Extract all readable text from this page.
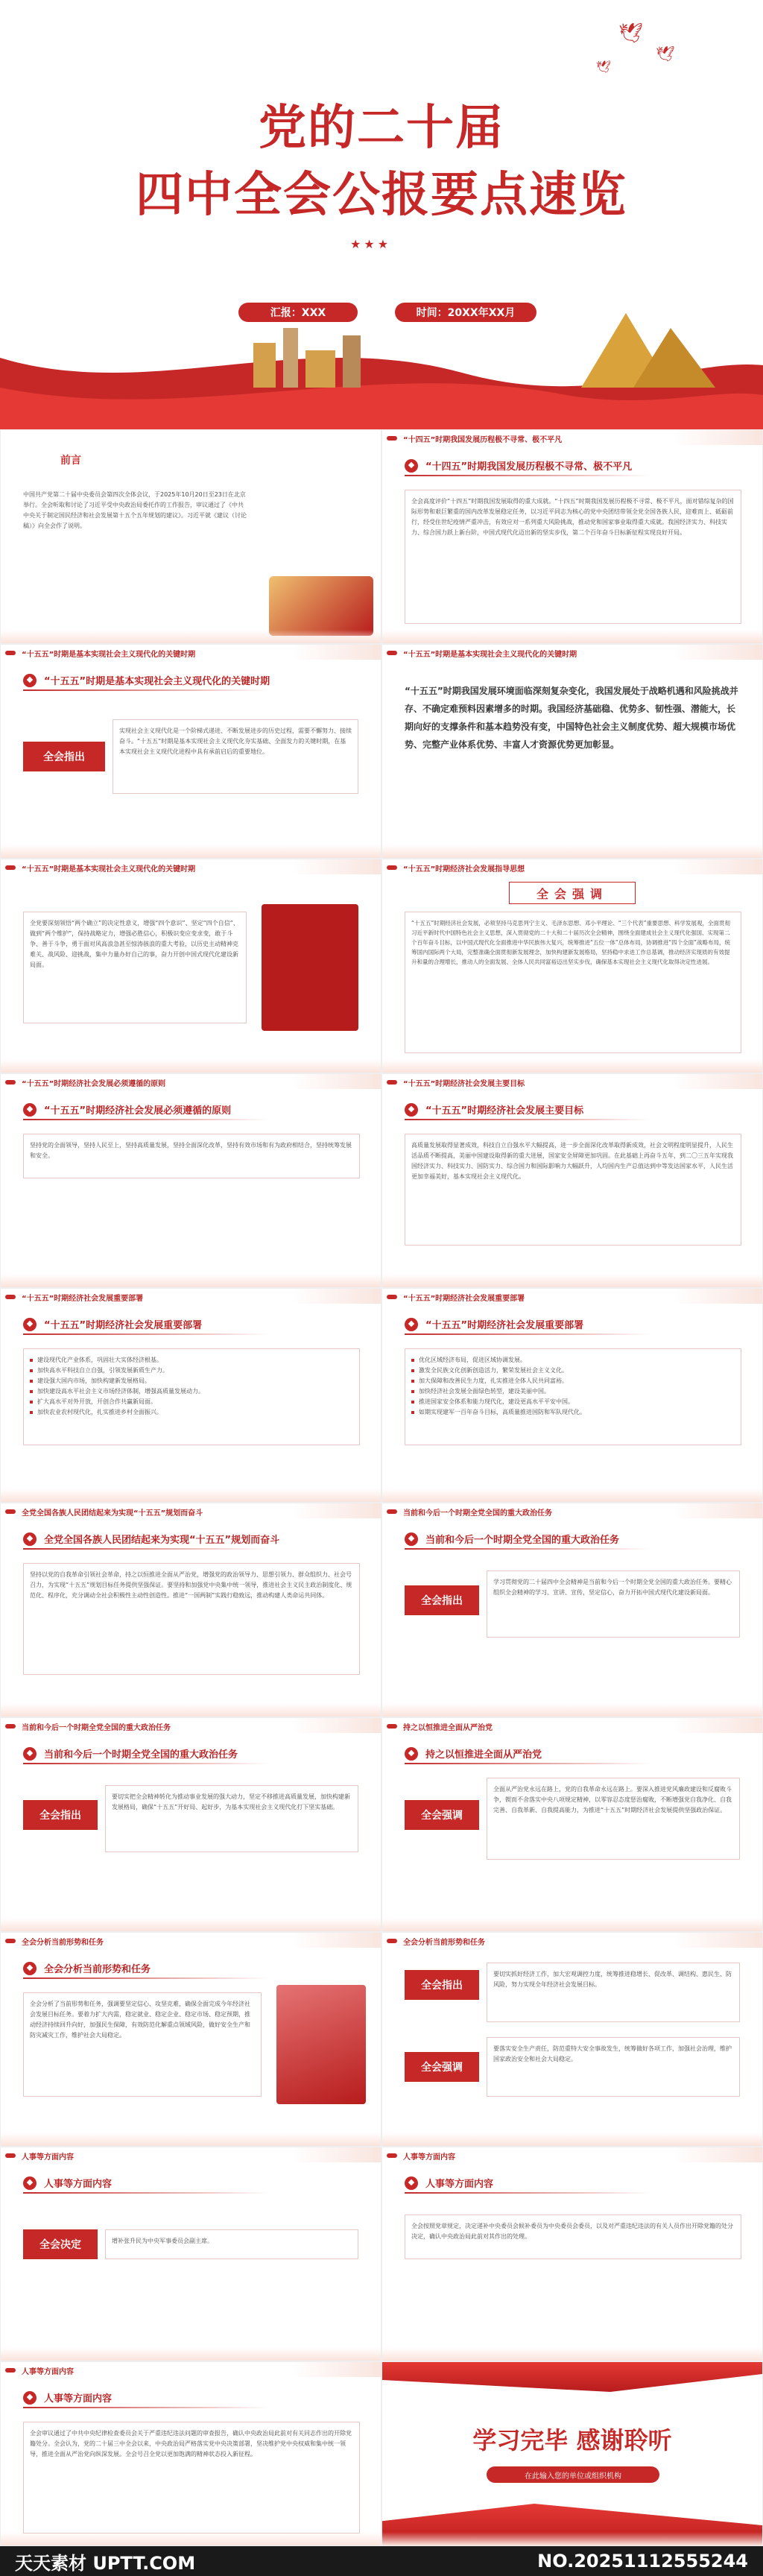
🕊
🕊
🕊
党的二十届
四中全会公报要点速览
★★★
汇报：XXX	时间：20XX年XX月
前言
中国共产党第二十届中央委员会第四次全体会议，于2025年10月20日至23日在北京举行。全会听取和讨论了习近平受中央政治局委托作的工作报告，审议通过了《中共中央关于制定国民经济和社会发展第十五个五年规划的建议》。习近平就《建议（讨论稿）》向全会作了说明。
“十四五”时期我国发展历程极不寻常、极不平凡
“十四五”时期我国发展历程极不寻常、极不平凡
全会高度评价“十四五”时期我国发展取得的重大成就。“十四五”时期我国发展历程极不寻常、极不平凡，面对错综复杂的国际形势和艰巨繁重的国内改革发展稳定任务，以习近平同志为核心的党中央团结带领全党全国各族人民，迎难而上、砥砺前行，经受住世纪疫情严重冲击，有效应对一系列重大风险挑战，推动党和国家事业取得重大成就。我国经济实力、科技实力、综合国力跃上新台阶，中国式现代化迈出新的坚实步伐，第二个百年奋斗目标新征程实现良好开局。
“十五五”时期是基本实现社会主义现代化的关键时期
“十五五”时期是基本实现社会主义现代化的关键时期
全会指出
实现社会主义现代化是一个阶梯式递进、不断发展进步的历史过程，需要不懈努力、接续奋斗。“十五五”时期是基本实现社会主义现代化夯实基础、全面发力的关键时期，在基本实现社会主义现代化进程中具有承前启后的重要地位。
“十五五”时期是基本实现社会主义现代化的关键时期
“十五五”时期我国发展环境面临深刻复杂变化，我国发展处于战略机遇和风险挑战并存、不确定难预料因素增多的时期。我国经济基础稳、优势多、韧性强、潜能大，长期向好的支撑条件和基本趋势没有变，中国特色社会主义制度优势、超大规模市场优势、完整产业体系优势、丰富人才资源优势更加彰显。
“十五五”时期是基本实现社会主义现代化的关键时期
全党要深刻领悟“两个确立”的决定性意义，增强“四个意识”、坚定“四个自信”、做到“两个维护”，保持战略定力，增强必胜信心，积极识变应变求变，敢于斗争、善于斗争，勇于面对风高浪急甚至惊涛骇浪的重大考验，以历史主动精神克难关、战风险、迎挑战，集中力量办好自己的事，奋力开创中国式现代化建设新局面。
“十五五”时期经济社会发展指导思想
全会强调
“十五五”时期经济社会发展，必须坚持马克思列宁主义、毛泽东思想、邓小平理论、“三个代表”重要思想、科学发展观，全面贯彻习近平新时代中国特色社会主义思想，深入贯彻党的二十大和二十届历次全会精神，围绕全面建成社会主义现代化强国、实现第二个百年奋斗目标，以中国式现代化全面推进中华民族伟大复兴，统筹推进“五位一体”总体布局，协调推进“四个全面”战略布局，统筹国内国际两个大局，完整准确全面贯彻新发展理念，加快构建新发展格局，坚持稳中求进工作总基调，推动经济实现质的有效提升和量的合理增长，推动人的全面发展、全体人民共同富裕迈出坚实步伐，确保基本实现社会主义现代化取得决定性进展。
“十五五”时期经济社会发展必须遵循的原则
“十五五”时期经济社会发展必须遵循的原则
坚持党的全面领导，坚持人民至上，坚持高质量发展，坚持全面深化改革，坚持有效市场和有为政府相结合，坚持统筹发展和安全。
“十五五”时期经济社会发展主要目标
“十五五”时期经济社会发展主要目标
高质量发展取得显著成效，科技自立自强水平大幅提高，进一步全面深化改革取得新成效，社会文明程度明显提升，人民生活品质不断提高，美丽中国建设取得新的重大进展，国家安全屏障更加巩固。在此基础上再奋斗五年，到二〇三五年实现我国经济实力、科技实力、国防实力、综合国力和国际影响力大幅跃升，人均国内生产总值达到中等发达国家水平，人民生活更加幸福美好，基本实现社会主义现代化。
“十五五”时期经济社会发展重要部署
“十五五”时期经济社会发展重要部署
建设现代化产业体系，巩固壮大实体经济根基。
加快高水平科技自立自强，引领发展新质生产力。
建设强大国内市场，加快构建新发展格局。
加快建设高水平社会主义市场经济体制，增强高质量发展动力。
扩大高水平对外开放，开创合作共赢新局面。
加快农业农村现代化，扎实推进乡村全面振兴。
“十五五”时期经济社会发展重要部署
“十五五”时期经济社会发展重要部署
优化区域经济布局，促进区域协调发展。
激发全民族文化创新创造活力，繁荣发展社会主义文化。
加大保障和改善民生力度，扎实推进全体人民共同富裕。
加快经济社会发展全面绿色转型，建设美丽中国。
推进国家安全体系和能力现代化，建设更高水平平安中国。
如期实现建军一百年奋斗目标，高质量推进国防和军队现代化。
全党全国各族人民团结起来为实现“十五五”规划而奋斗
全党全国各族人民团结起来为实现“十五五”规划而奋斗
坚持以党的自我革命引领社会革命，持之以恒推进全面从严治党，增强党的政治领导力、思想引领力、群众组织力、社会号召力，为实现“十五五”规划目标任务提供坚强保证。要坚持和加强党中央集中统一领导，推进社会主义民主政治制度化、规范化、程序化，充分调动全社会积极性主动性创造性。推进“一国两制”实践行稳致远，推动构建人类命运共同体。
当前和今后一个时期全党全国的重大政治任务
当前和今后一个时期全党全国的重大政治任务
全会指出
学习贯彻党的二十届四中全会精神是当前和今后一个时期全党全国的重大政治任务。要精心组织全会精神的学习、宣讲、宣传，坚定信心，奋力开拓中国式现代化建设新局面。
当前和今后一个时期全党全国的重大政治任务
当前和今后一个时期全党全国的重大政治任务
全会指出
要切实把全会精神转化为推动事业发展的强大动力，坚定不移推进高质量发展，加快构建新发展格局，确保“十五五”开好局、起好步，为基本实现社会主义现代化打下坚实基础。
持之以恒推进全面从严治党
持之以恒推进全面从严治党
全会强调
全面从严治党永远在路上，党的自我革命永远在路上。要深入推进党风廉政建设和反腐败斗争，锲而不舍落实中央八项规定精神，以零容忍态度惩治腐败，不断增强党自我净化、自我完善、自我革新、自我提高能力，为推进“十五五”时期经济社会发展提供坚强政治保证。
全会分析当前形势和任务
全会分析当前形势和任务
全会分析了当前形势和任务，强调要坚定信心、攻坚克难，确保全面完成今年经济社会发展目标任务。要着力扩大内需，稳定就业、稳定企业、稳定市场、稳定预期，推动经济持续回升向好，加强民生保障，有效防范化解重点领域风险，做好安全生产和防灾减灾工作，维护社会大局稳定。
全会分析当前形势和任务
全会指出
要切实抓好经济工作，加大宏观调控力度，统筹推进稳增长、促改革、调结构、惠民生、防风险，努力实现全年经济社会发展目标。
全会强调
要落实安全生产责任，防范重特大安全事故发生，统筹做好各项工作，加强社会治理，维护国家政治安全和社会大局稳定。
人事等方面内容
人事等方面内容
全会决定	增补张升民为中央军事委员会副主席。
人事等方面内容
人事等方面内容
全会按照党章规定，决定递补中央委员会候补委员为中央委员会委员，以及对严重违纪违法的有关人员作出开除党籍的处分决定，确认中央政治局此前对其作出的处理。
人事等方面内容
人事等方面内容
全会审议通过了中共中央纪律检查委员会关于严重违纪违法问题的审查报告，确认中央政治局此前对有关同志作出的开除党籍处分。全会认为，党的二十届三中全会以来，中央政治局严格落实党中央决策部署，坚决维护党中央权威和集中统一领导，推进全面从严治党向纵深发展。全会号召全党以更加饱满的精神状态投入新征程。	学习完毕 感谢聆听
在此输入您的单位或组织机构
天天素材 UPTT.COM	NO.20251112555244
